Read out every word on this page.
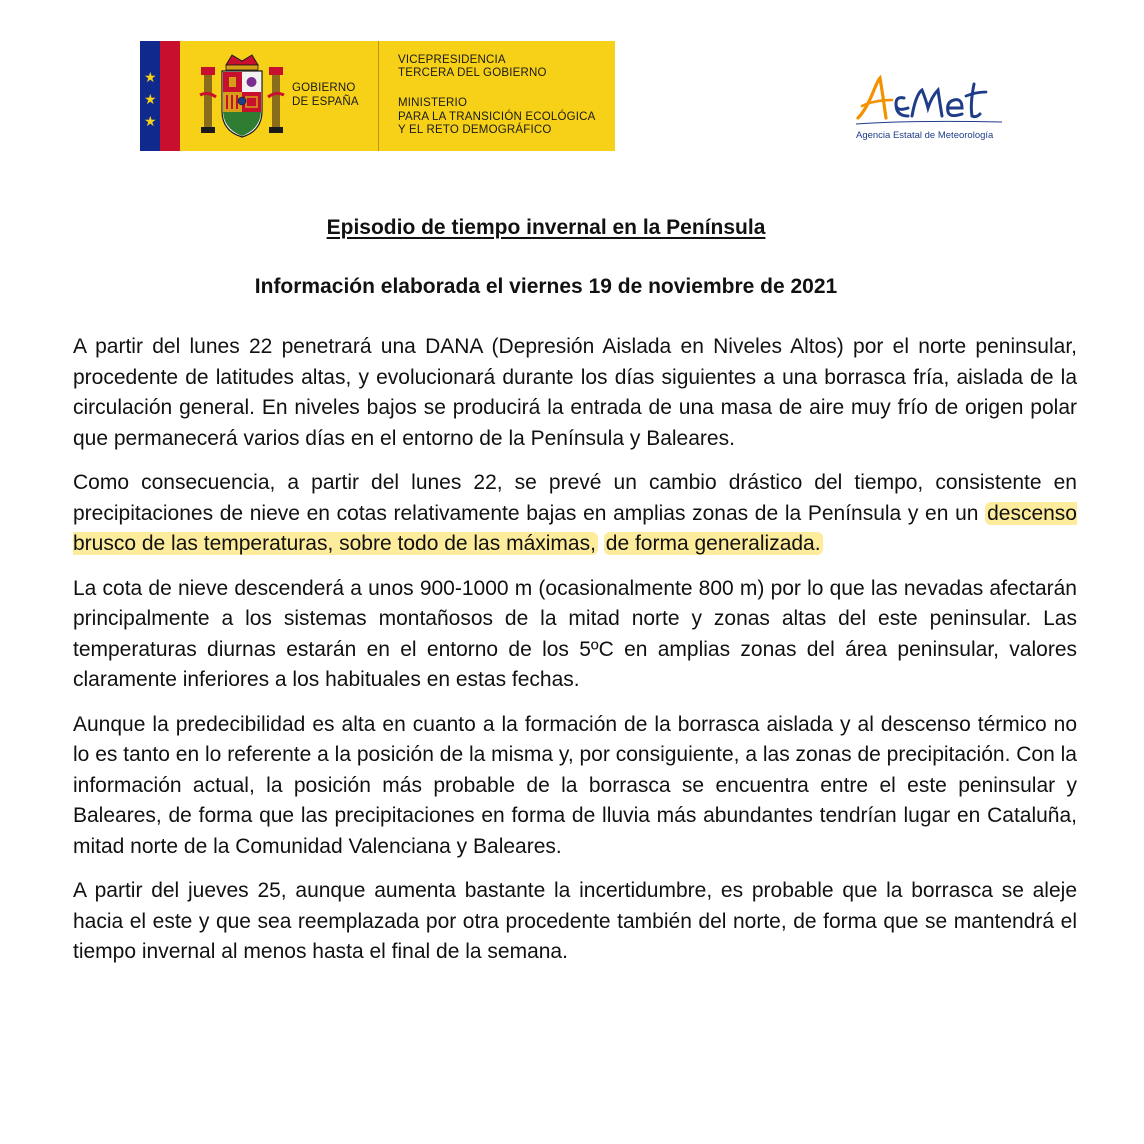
★
★
★
GOBIERNO
DE ESPAÑA
VICEPRESIDENCIA
TERCERA DEL GOBIERNO
MINISTERIO
PARA LA TRANSICIÓN ECOLÓGICA
Y EL RETO DEMOGRÁFICO	Agencia Estatal de Meteorología
Episodio de tiempo invernal en la Península
Información elaborada el viernes 19 de noviembre de 2021

A partir del lunes 22 penetrará una DANA (Depresión Aislada en Niveles Altos) por el norte peninsular, procedente de latitudes altas, y evolucionará durante los días siguientes a una borrasca fría, aislada de la circulación general. En niveles bajos se producirá la entrada de una masa de aire muy frío de origen polar que permanecerá varios días en el entorno de la Península y Baleares.

Como consecuencia, a partir del lunes 22, se prevé un cambio drástico del tiempo, consistente en precipitaciones de nieve en cotas relativamente bajas en amplias zonas de la Península y en un descenso brusco de las temperaturas, sobre todo de las máximas, de forma generalizada.

La cota de nieve descenderá a unos 900-1000 m (ocasionalmente 800 m) por lo que las nevadas afectarán principalmente a los sistemas montañosos de la mitad norte y zonas altas del este peninsular. Las temperaturas diurnas estarán en el entorno de los 5ºC en amplias zonas del área peninsular, valores claramente inferiores a los habituales en estas fechas.

Aunque la predecibilidad es alta en cuanto a la formación de la borrasca aislada y al descenso térmico no lo es tanto en lo referente a la posición de la misma y, por consiguiente, a las zonas de precipitación. Con la información actual, la posición más probable de la borrasca se encuentra entre el este peninsular y Baleares, de forma que las precipitaciones en forma de lluvia más abundantes tendrían lugar en Cataluña, mitad norte de la Comunidad Valenciana y Baleares.

A partir del jueves 25, aunque aumenta bastante la incertidumbre, es probable que la borrasca se aleje hacia el este y que sea reemplazada por otra procedente también del norte, de forma que se mantendrá el tiempo invernal al menos hasta el final de la semana.
